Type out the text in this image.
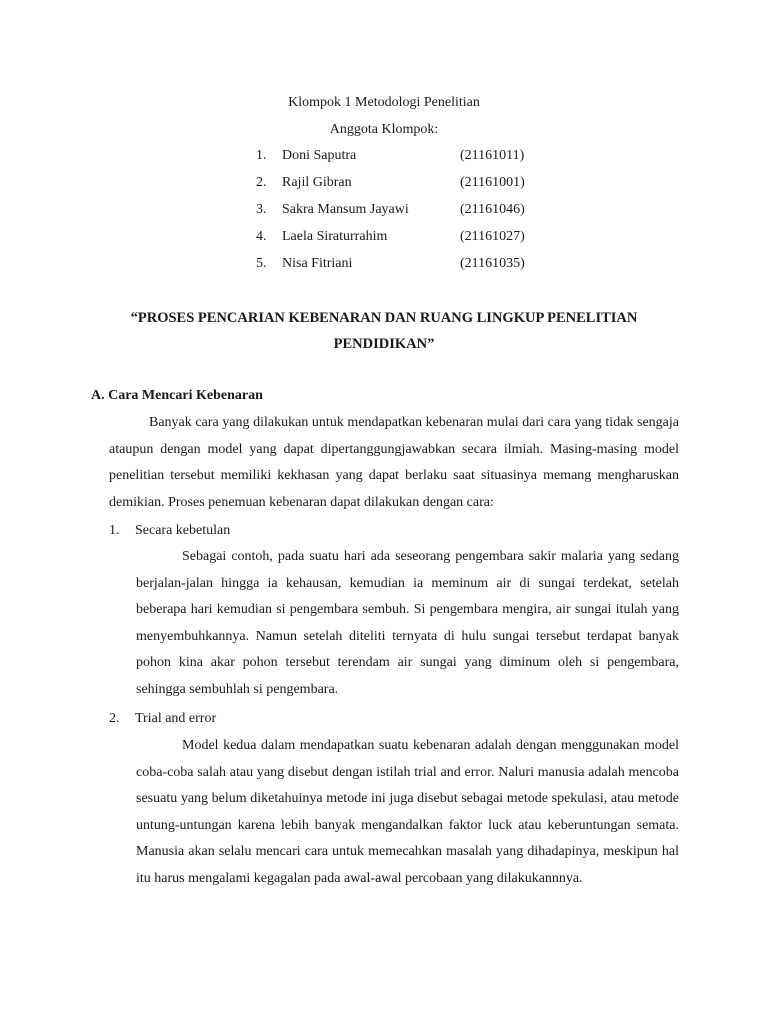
Klompok 1 Metodologi Penelitian
Anggota Klompok:
1. Doni Saputra	(21161011)
2. Rajil Gibran	(21161001)
3. Sakra Mansum Jayawi	(21161046)
4. Laela Siraturrahim	(21161027)
5. Nisa Fitriani	(21161035)
“PROSES PENCARIAN KEBENARAN DAN RUANG LINGKUP PENELITIAN
PENDIDIKAN”
A. Cara Mencari Kebenaran

Banyak cara yang dilakukan untuk mendapatkan kebenaran mulai dari cara yang tidak sengaja ataupun dengan model yang dapat dipertanggungjawabkan secara ilmiah. Masing-masing model penelitian tersebut memiliki kekhasan yang dapat berlaku saat situasinya memang mengharuskan demikian. Proses penemuan kebenaran dapat dilakukan dengan cara:

1. Secara kebetulan

Sebagai contoh, pada suatu hari ada seseorang pengembara sakir malaria yang sedang berjalan-jalan hingga ia kehausan, kemudian ia meminum air di sungai terdekat, setelah beberapa hari kemudian si pengembara sembuh. Si pengembara mengira, air sungai itulah yang menyembuhkannya. Namun setelah diteliti ternyata di hulu sungai tersebut terdapat banyak pohon kina akar pohon tersebut terendam air sungai yang diminum oleh si pengembara, sehingga sembuhlah si pengembara.

2. Trial and error

Model kedua dalam mendapatkan suatu kebenaran adalah dengan menggunakan model coba-coba salah atau yang disebut dengan istilah trial and error. Naluri manusia adalah mencoba sesuatu yang belum diketahuinya metode ini juga disebut sebagai metode spekulasi, atau metode untung-untungan karena lebih banyak mengandalkan faktor luck atau keberuntungan semata. Manusia akan selalu mencari cara untuk memecahkan masalah yang dihadapinya, meskipun hal itu harus mengalami kegagalan pada awal-awal percobaan yang dilakukannnya.
